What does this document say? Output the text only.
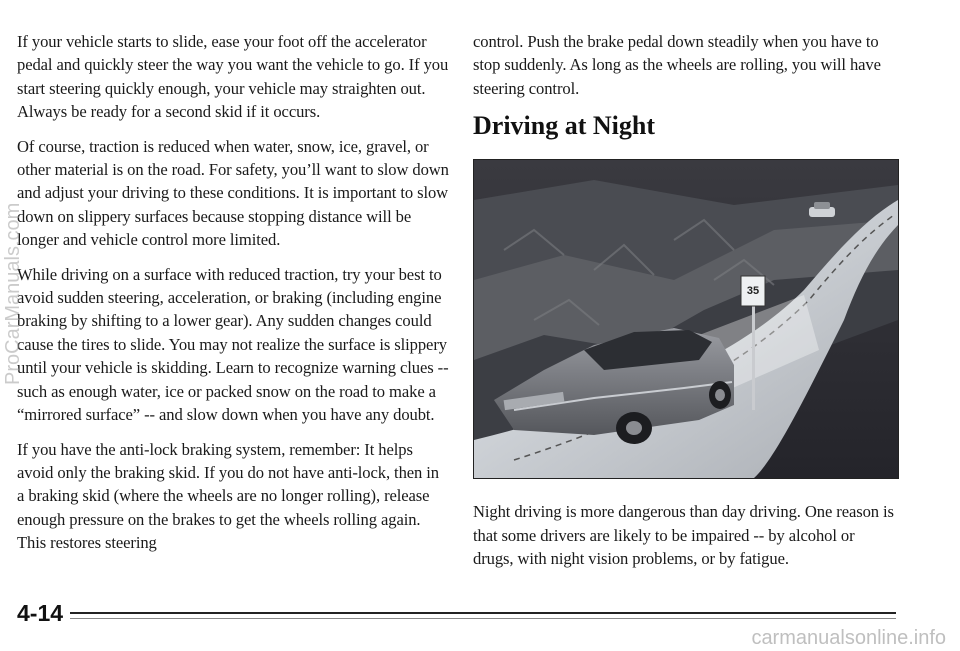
If your vehicle starts to slide, ease your foot off the accelerator pedal and quickly steer the way you want the vehicle to go. If you start steering quickly enough, your vehicle may straighten out. Always be ready for a second skid if it occurs.

Of course, traction is reduced when water, snow, ice, gravel, or other material is on the road. For safety, you’ll want to slow down and adjust your driving to these conditions. It is important to slow down on slippery surfaces because stopping distance will be longer and vehicle control more limited.

While driving on a surface with reduced traction, try your best to avoid sudden steering, acceleration, or braking (including engine braking by shifting to a lower gear). Any sudden changes could cause the tires to slide. You may not realize the surface is slippery until your vehicle is skidding. Learn to recognize warning clues -- such as enough water, ice or packed snow on the road to make a “mirrored surface” -- and slow down when you have any doubt.

If you have the anti-lock braking system, remember: It helps avoid only the braking skid. If you do not have anti-lock, then in a braking skid (where the wheels are no longer rolling), release enough pressure on the brakes to get the wheels rolling again. This restores steering

control. Push the brake pedal down steadily when you have to stop suddenly. As long as the wheels are rolling, you will have steering control.

Driving at Night
35

Night driving is more dangerous than day driving. One reason is that some drivers are likely to be impaired -- by alcohol or drugs, with night vision problems, or by fatigue.

4-14
ProCarManuals.com
carmanualsonline.info
